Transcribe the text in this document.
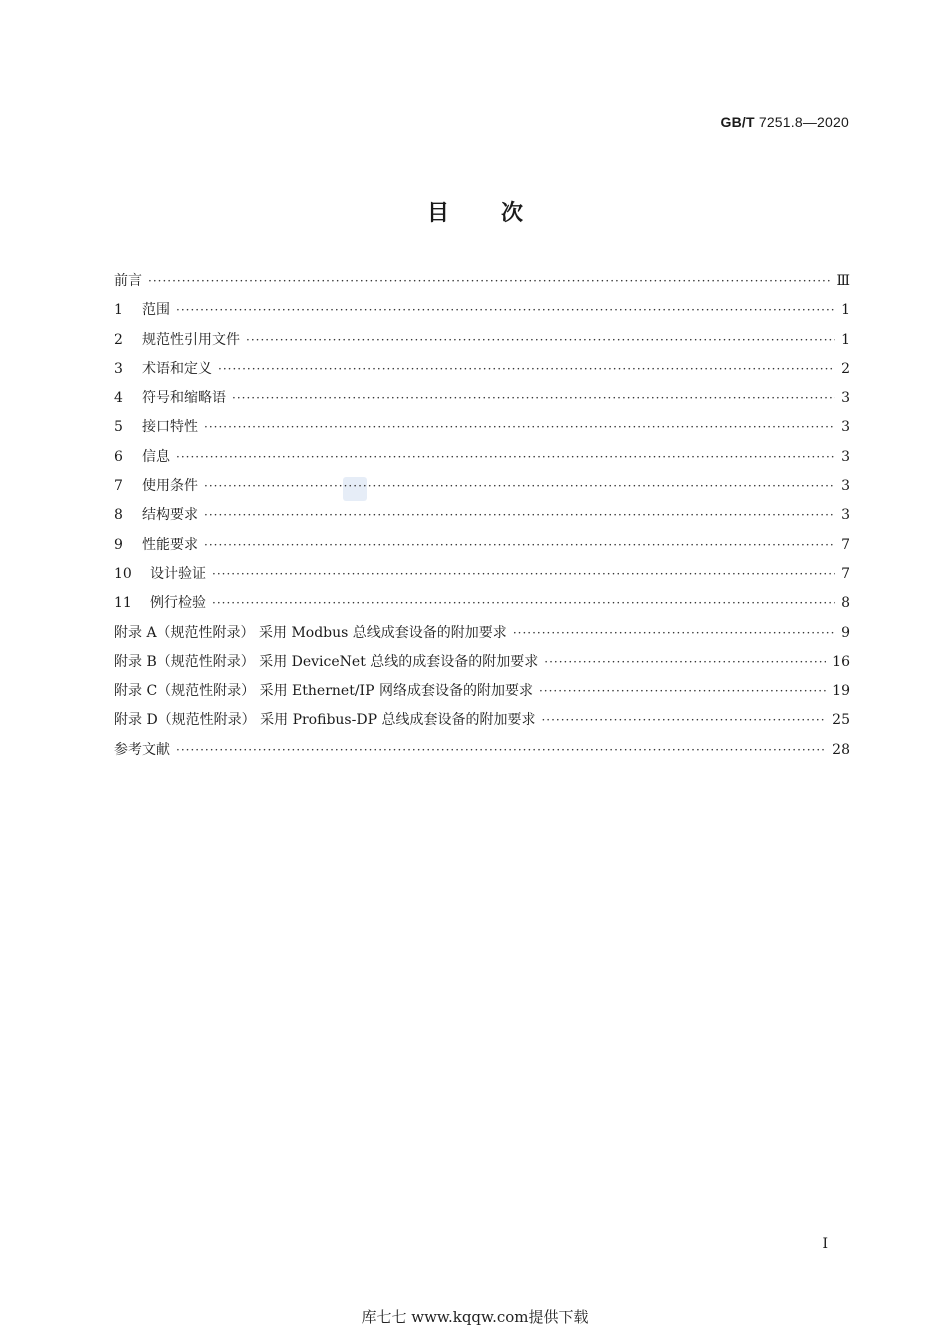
GB/T 7251.8—2020
目次
前言 ·····	Ⅲ
1	范围 ·····	1
2	规范性引用文件 ·····	1
3	术语和定义 ·····	2
4	符号和缩略语 ·····	3
5	接口特性 ·····	3
6	信息 ·····	3
7	使用条件 ·····	3
8	结构要求 ·····	3
9	性能要求 ·····	7
10	设计验证 ·····	7
11	例行检验 ·····	8
附录 A（规范性附录） 采用 Modbus 总线成套设备的附加要求 ·····	9
附录 B（规范性附录） 采用 DeviceNet 总线的成套设备的附加要求 ·····	16
附录 C（规范性附录） 采用 Ethernet/IP 网络成套设备的附加要求 ·····	19
附录 D（规范性附录） 采用 Profibus-DP 总线成套设备的附加要求 ·····	25
参考文献 ·····	28
I
库七七 www.kqqw.com提供下载
